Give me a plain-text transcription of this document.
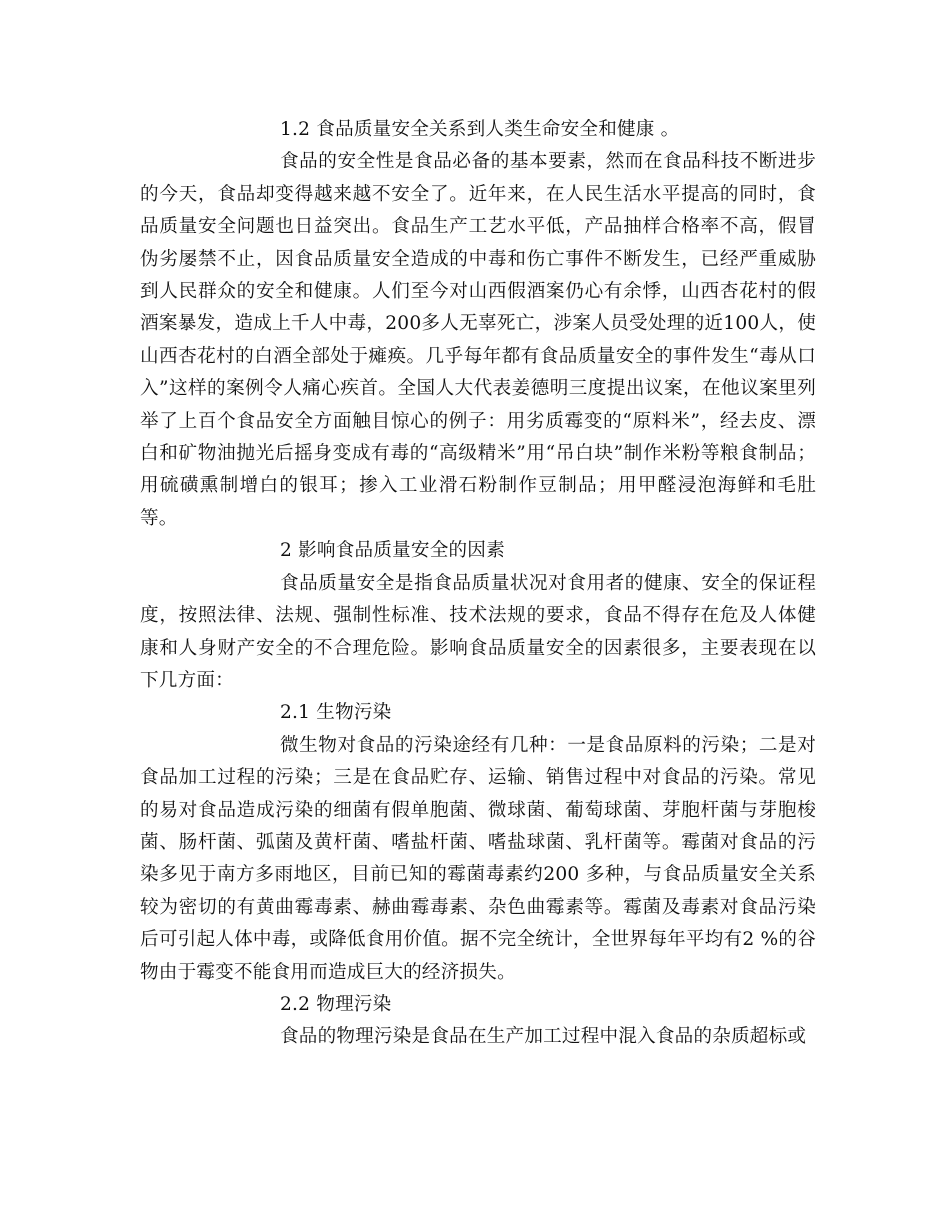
1.2 食品质量安全关系到人类生命安全和健康 。

食品的安全性是食品必备的基本要素，然而在食品科技不断进步的今天，食品却变得越来越不安全了。近年来，在人民生活水平提高的同时，食品质量安全问题也日益突出。食品生产工艺水平低，产品抽样合格率不高，假冒伪劣屡禁不止，因食品质量安全造成的中毒和伤亡事件不断发生，已经严重威胁到人民群众的安全和健康。人们至今对山西假酒案仍心有余悸，山西杏花村的假酒案暴发，造成上千人中毒，200多人无辜死亡，涉案人员受处理的近100人，使山西杏花村的白酒全部处于瘫痪。几乎每年都有食品质量安全的事件发生“毒从口入”这样的案例令人痛心疾首。全国人大代表姜德明三度提出议案，在他议案里列举了上百个食品安全方面触目惊心的例子：用劣质霉变的“原料米”，经去皮、漂白和矿物油抛光后摇身变成有毒的“高级精米”用“吊白块”制作米粉等粮食制品；用硫磺熏制增白的银耳；掺入工业滑石粉制作豆制品；用甲醛浸泡海鲜和毛肚等。

2 影响食品质量安全的因素

食品质量安全是指食品质量状况对食用者的健康、安全的保证程度，按照法律、法规、强制性标准、技术法规的要求，食品不得存在危及人体健康和人身财产安全的不合理危险。影响食品质量安全的因素很多，主要表现在以下几方面：

2.1 生物污染

微生物对食品的污染途经有几种：一是食品原料的污染；二是对食品加工过程的污染；三是在食品贮存、运输、销售过程中对食品的污染。常见的易对食品造成污染的细菌有假单胞菌、微球菌、葡萄球菌、芽胞杆菌与芽胞梭菌、肠杆菌、弧菌及黄杆菌、嗜盐杆菌、嗜盐球菌、乳杆菌等。霉菌对食品的污染多见于南方多雨地区，目前已知的霉菌毒素约200 多种，与食品质量安全关系较为密切的有黄曲霉毒素、赫曲霉毒素、杂色曲霉素等。霉菌及毒素对食品污染后可引起人体中毒，或降低食用价值。据不完全统计，全世界每年平均有2 %的谷物由于霉变不能食用而造成巨大的经济损失。

2.2 物理污染

食品的物理污染是食品在生产加工过程中混入食品的杂质超标或
